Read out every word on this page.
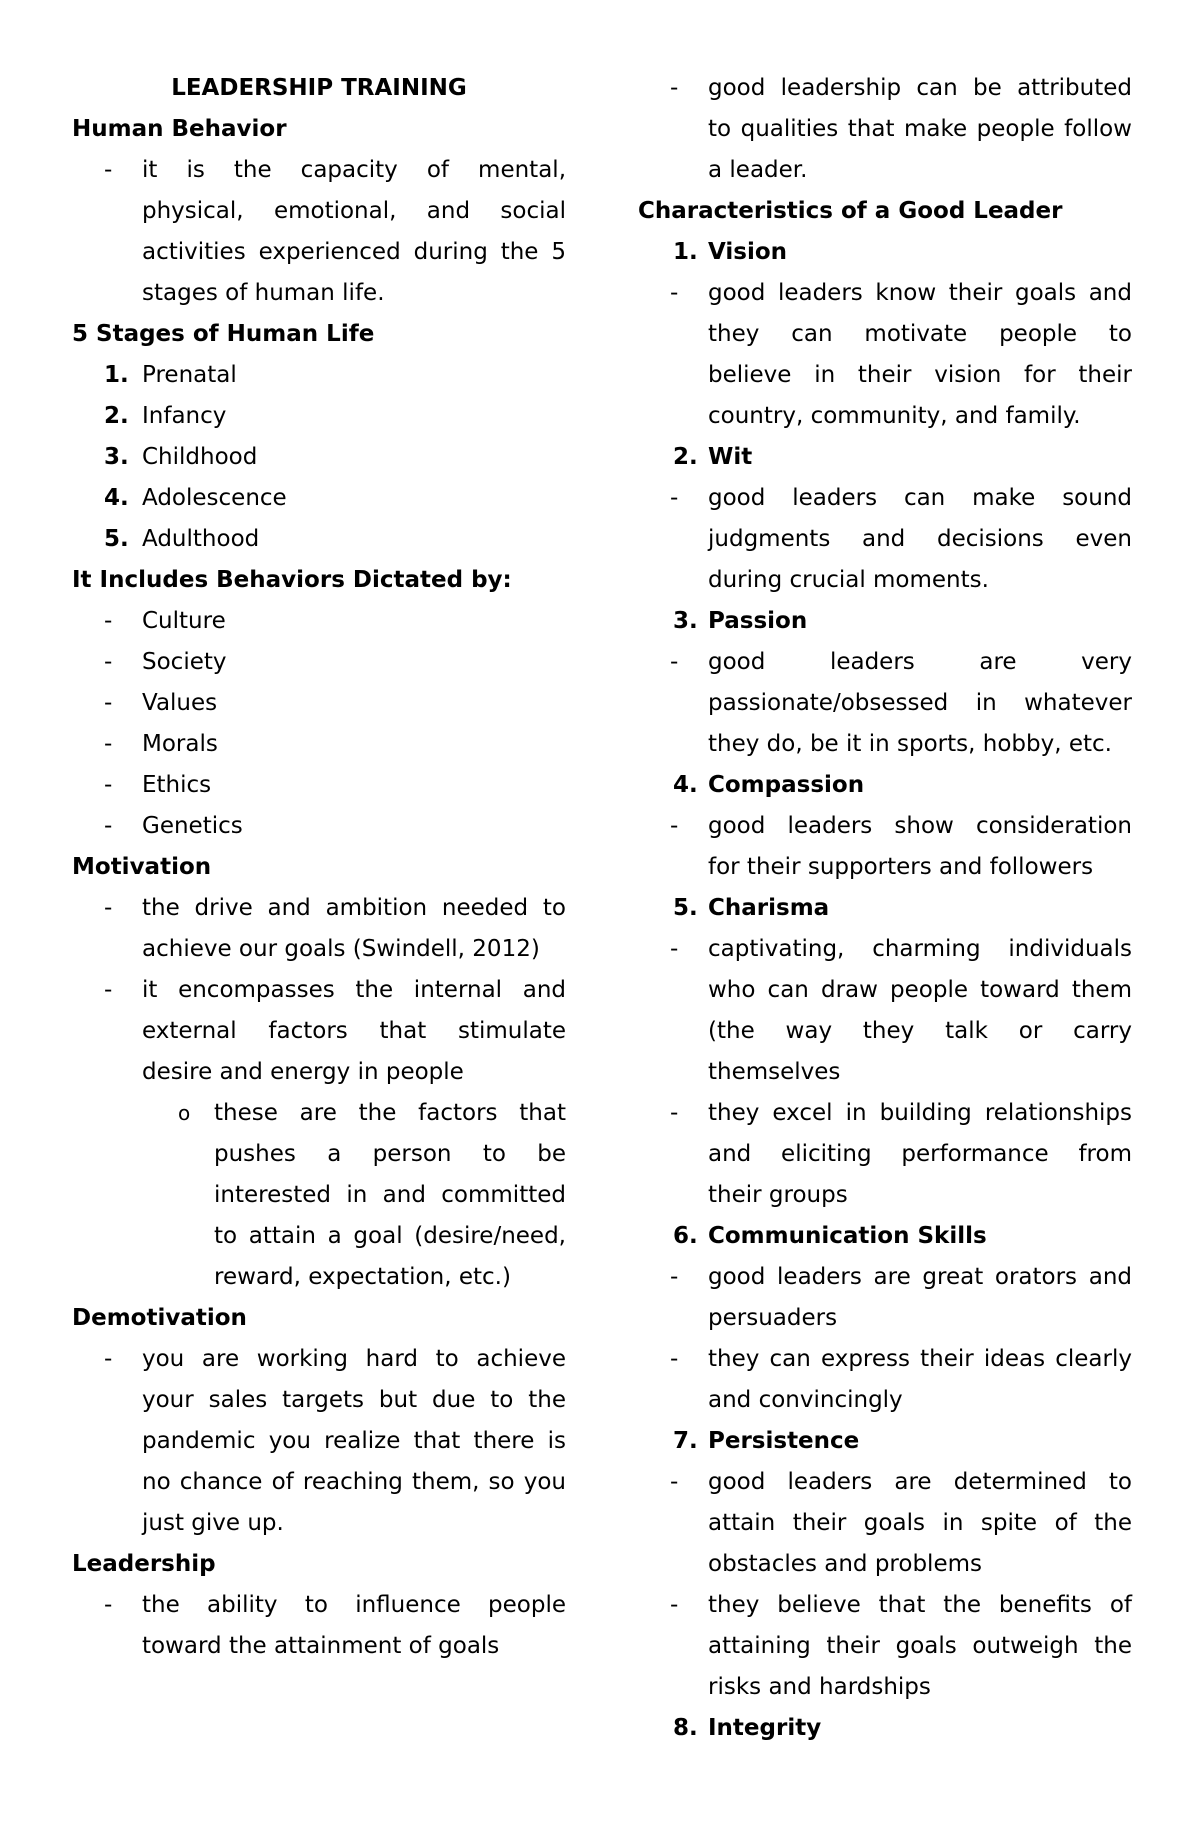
LEADERSHIP TRAINING
Human Behavior
- it is the capacity of mental,
physical, emotional, and social
activities experienced during the 5
stages of human life.
5 Stages of Human Life
1. Prenatal
2. Infancy
3. Childhood
4. Adolescence
5. Adulthood
It Includes Behaviors Dictated by:
- Culture
- Society
- Values
- Morals
- Ethics
- Genetics
Motivation
- the drive and ambition needed to
achieve our goals (Swindell, 2012)
- it encompasses the internal and
external factors that stimulate
desire and energy in people
o these are the factors that
pushes a person to be
interested in and committed
to attain a goal (desire/need,
reward, expectation, etc.)
Demotivation
- you are working hard to achieve
your sales targets but due to the
pandemic you realize that there is
no chance of reaching them, so you
just give up.
Leadership
- the ability to influence people
toward the attainment of goals
- good leadership can be attributed
to qualities that make people follow
a leader.
Characteristics of a Good Leader
1. Vision
- good leaders know their goals and
they can motivate people to
believe in their vision for their
country, community, and family.
2. Wit
- good leaders can make sound
judgments and decisions even
during crucial moments.
3. Passion
- good leaders are very
passionate/obsessed in whatever
they do, be it in sports, hobby, etc.
4. Compassion
- good leaders show consideration
for their supporters and followers
5. Charisma
- captivating, charming individuals
who can draw people toward them
(the way they talk or carry
themselves
- they excel in building relationships
and eliciting performance from
their groups
6. Communication Skills
- good leaders are great orators and
persuaders
- they can express their ideas clearly
and convincingly
7. Persistence
- good leaders are determined to
attain their goals in spite of the
obstacles and problems
- they believe that the benefits of
attaining their goals outweigh the
risks and hardships
8. Integrity
